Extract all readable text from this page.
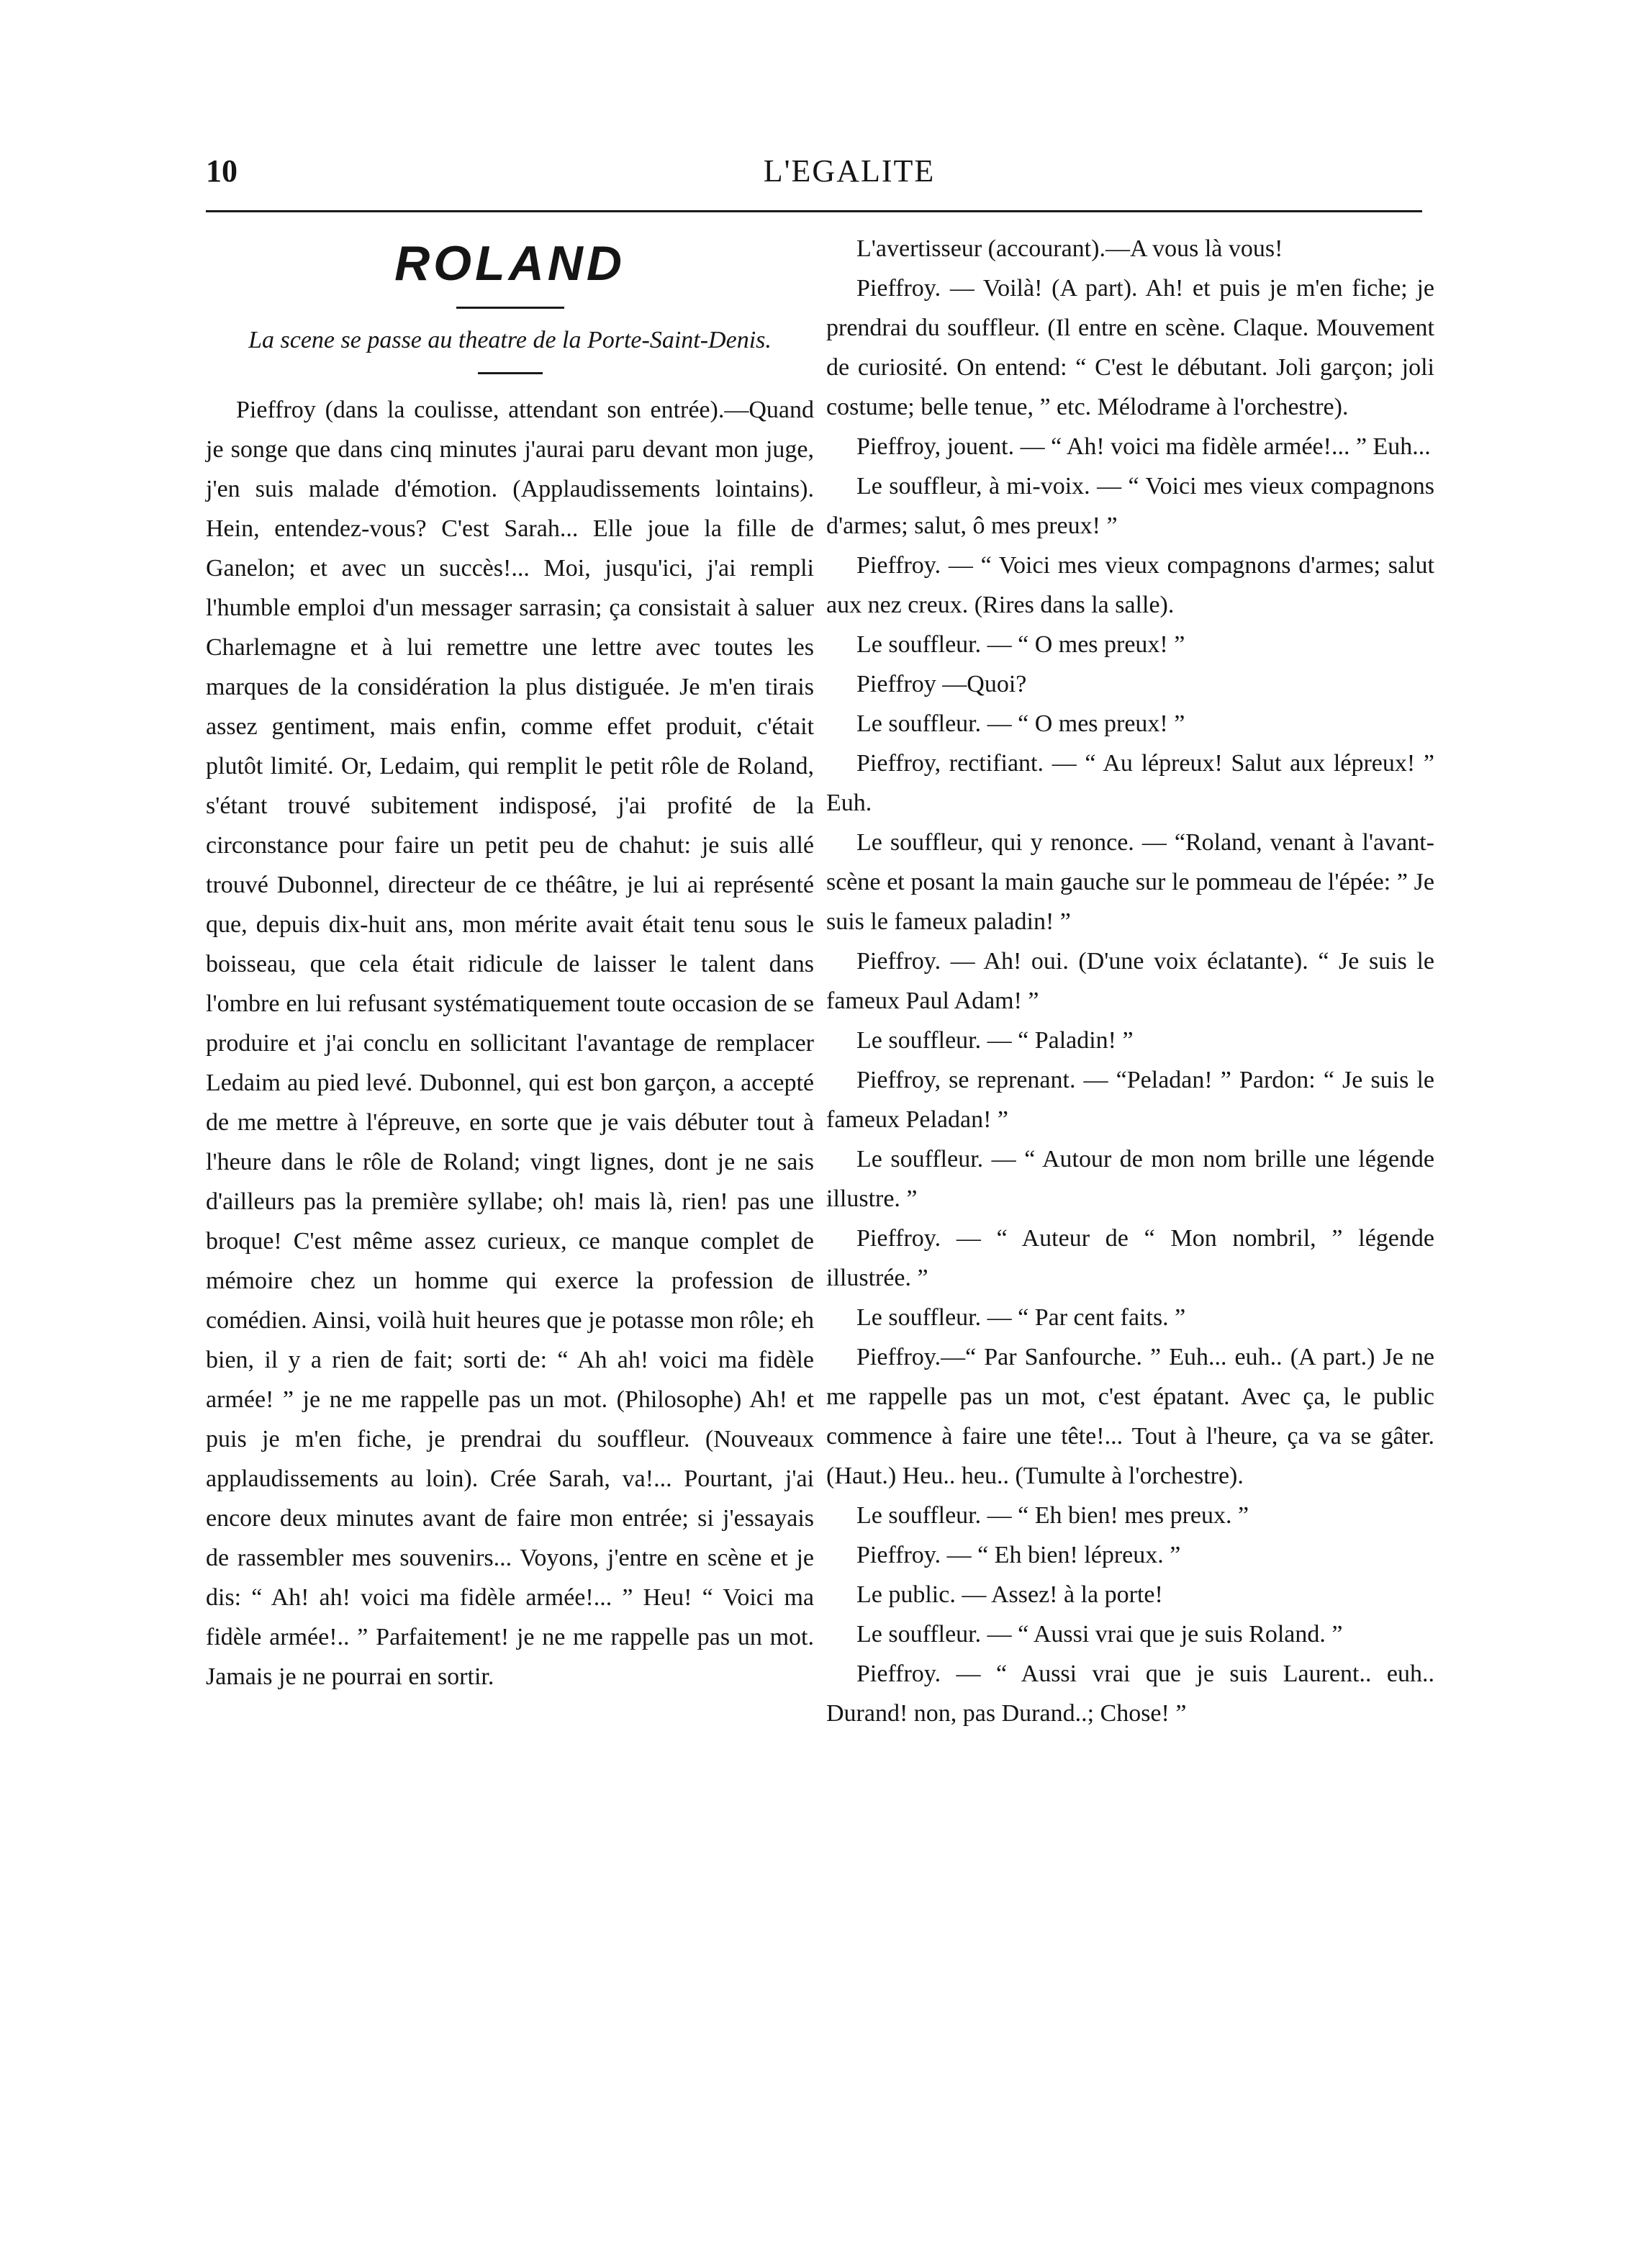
10	L'EGALITE
ROLAND
La scene se passe au theatre de la Porte-Saint-Denis.

Pieffroy (dans la coulisse, attendant son entrée).—Quand je songe que dans cinq minutes j'aurai paru devant mon juge, j'en suis malade d'émotion. (Applaudissements lointains). Hein, entendez-vous? C'est Sarah... Elle joue la fille de Ganelon; et avec un succès!... Moi, jusqu'ici, j'ai rempli l'humble emploi d'un messager sarrasin; ça consistait à saluer Charlemagne et à lui remettre une lettre avec toutes les marques de la considération la plus distiguée. Je m'en tirais assez gentiment, mais enfin, comme effet produit, c'était plutôt limité. Or, Ledaim, qui remplit le petit rôle de Roland, s'étant trouvé subitement indisposé, j'ai profité de la circonstance pour faire un petit peu de chahut: je suis allé trouvé Dubonnel, directeur de ce théâtre, je lui ai représenté que, depuis dix-huit ans, mon mérite avait était tenu sous le boisseau, que cela était ridicule de laisser le talent dans l'ombre en lui refusant systématiquement toute occasion de se produire et j'ai conclu en sollicitant l'avantage de remplacer Ledaim au pied levé. Dubonnel, qui est bon garçon, a accepté de me mettre à l'épreuve, en sorte que je vais débuter tout à l'heure dans le rôle de Roland; vingt lignes, dont je ne sais d'ailleurs pas la première syllabe; oh! mais là, rien! pas une broque! C'est même assez curieux, ce manque complet de mémoire chez un homme qui exerce la profession de comédien. Ainsi, voilà huit heures que je potasse mon rôle; eh bien, il y a rien de fait; sorti de: “ Ah ah! voici ma fidèle armée! ” je ne me rappelle pas un mot. (Philosophe) Ah! et puis je m'en fiche, je prendrai du souffleur. (Nouveaux applaudissements au loin). Crée Sarah, va!... Pourtant, j'ai encore deux minutes avant de faire mon entrée; si j'essayais de rassembler mes souvenirs... Voyons, j'entre en scène et je dis: “ Ah! ah! voici ma fidèle armée!... ” Heu! “ Voici ma fidèle armée!.. ” Parfaitement! je ne me rappelle pas un mot. Jamais je ne pourrai en sortir.

L'avertisseur (accourant).—A vous là vous!

Pieffroy. — Voilà! (A part). Ah! et puis je m'en fiche; je prendrai du souffleur. (Il entre en scène. Claque. Mouvement de curiosité. On entend: “ C'est le débutant. Joli garçon; joli costume; belle tenue, ” etc. Mélodrame à l'orchestre).

Pieffroy, jouent. — “ Ah! voici ma fidèle armée!... ” Euh...

Le souffleur, à mi-voix. — “ Voici mes vieux compagnons d'armes; salut, ô mes preux! ”

Pieffroy. — “ Voici mes vieux compagnons d'armes; salut aux nez creux. (Rires dans la salle).

Le souffleur. — “ O mes preux! ”

Pieffroy —Quoi?

Le souffleur. — “ O mes preux! ”

Pieffroy, rectifiant. — “ Au lépreux! Salut aux lépreux! ” Euh.

Le souffleur, qui y renonce. — “Roland, venant à l'avant-scène et posant la main gauche sur le pommeau de l'épée: ” Je suis le fameux paladin! ”

Pieffroy. — Ah! oui. (D'une voix éclatante). “ Je suis le fameux Paul Adam! ”

Le souffleur. — “ Paladin! ”

Pieffroy, se reprenant. — “Peladan! ” Pardon: “ Je suis le fameux Peladan! ”

Le souffleur. — “ Autour de mon nom brille une légende illustre. ”

Pieffroy. — “ Auteur de “ Mon nombril, ” légende illustrée. ”

Le souffleur. — “ Par cent faits. ”

Pieffroy.—“ Par Sanfourche. ” Euh... euh.. (A part.) Je ne me rappelle pas un mot, c'est épatant. Avec ça, le public commence à faire une tête!... Tout à l'heure, ça va se gâter. (Haut.) Heu.. heu.. (Tumulte à l'orchestre).

Le souffleur. — “ Eh bien! mes preux. ”

Pieffroy. — “ Eh bien! lépreux. ”

Le public. — Assez! à la porte!

Le souffleur. — “ Aussi vrai que je suis Roland. ”

Pieffroy. — “ Aussi vrai que je suis Laurent.. euh.. Durand! non, pas Durand..; Chose! ”
